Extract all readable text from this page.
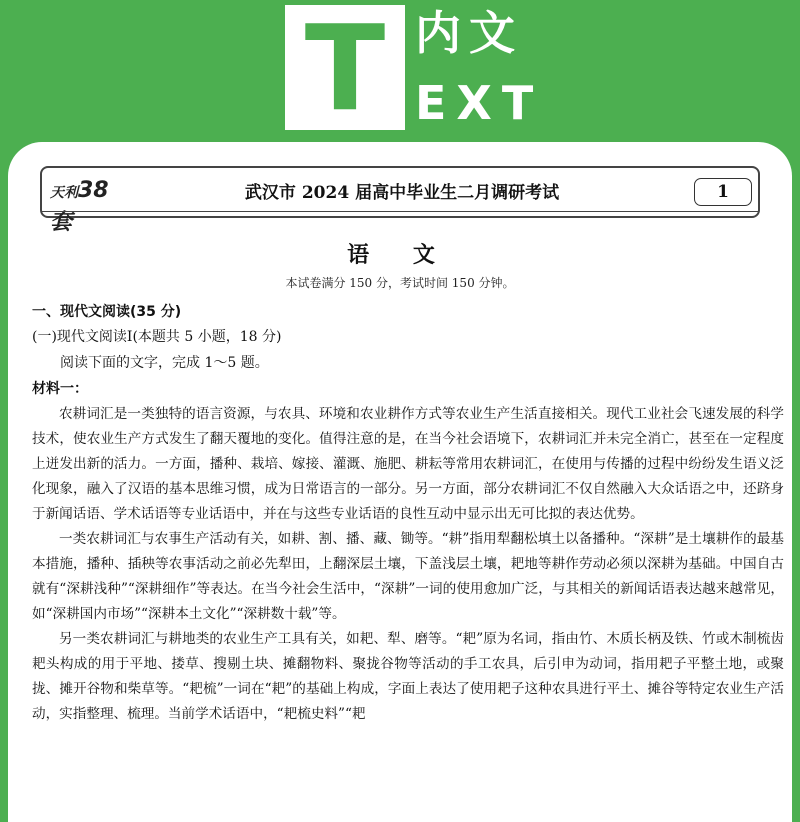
T 内文
EXT
天利38套
武汉市 2024 届高中毕业生二月调研考试	1
语 文
本试卷满分 150 分，考试时间 150 分钟。
一、现代文阅读(35 分)
(一)现代文阅读Ⅰ(本题共 5 小题，18 分)
阅读下面的文字，完成 1～5 题。
材料一：

农耕词汇是一类独特的语言资源，与农具、环境和农业耕作方式等农业生产生活直接相关。现代工业社会飞速发展的科学技术，使农业生产方式发生了翻天覆地的变化。值得注意的是，在当今社会语境下，农耕词汇并未完全消亡，甚至在一定程度上迸发出新的活力。一方面，播种、栽培、嫁接、灌溉、施肥、耕耘等常用农耕词汇，在使用与传播的过程中纷纷发生语义泛化现象，融入了汉语的基本思维习惯，成为日常语言的一部分。另一方面，部分农耕词汇不仅自然融入大众话语之中，还跻身于新闻话语、学术话语等专业话语中，并在与这些专业话语的良性互动中显示出无可比拟的表达优势。

一类农耕词汇与农事生产活动有关，如耕、割、播、藏、锄等。“耕”指用犁翻松填土以备播种。“深耕”是土壤耕作的最基本措施，播种、插秧等农事活动之前必先犁田，上翻深层土壤，下盖浅层土壤，耙地等耕作劳动必须以深耕为基础。中国自古就有“深耕浅种”“深耕细作”等表达。在当今社会生活中，“深耕”一词的使用愈加广泛，与其相关的新闻话语表达越来越常见，如“深耕国内市场”“深耕本土文化”“深耕数十载”等。

另一类农耕词汇与耕地类的农业生产工具有关，如耙、犁、磨等。“耙”原为名词，指由竹、木质长柄及铁、竹或木制梳齿耙头构成的用于平地、搂草、搜剔土块、摊翻物料、聚拢谷物等活动的手工农具，后引申为动词，指用耙子平整土地，或聚拢、摊开谷物和柴草等。“耙梳”一词在“耙”的基础上构成，字面上表达了使用耙子这种农具进行平土、摊谷等特定农业生产活动，实指整理、梳理。当前学术话语中，“耙梳史料”“耙
